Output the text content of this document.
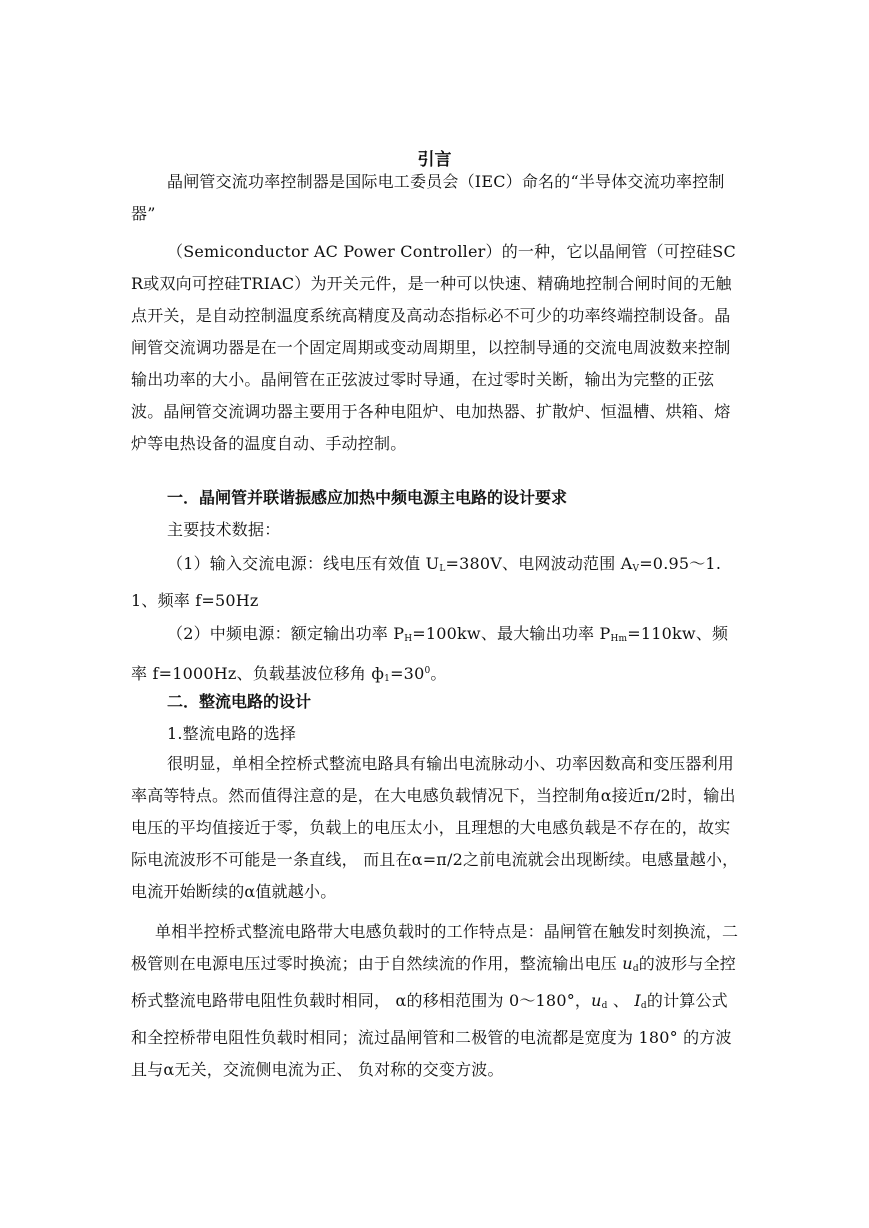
引言

晶闸管交流功率控制器是国际电工委员会（IEC）命名的“半导体交流功率控制器”

（Semiconductor AC Power Controller）的一种，它以晶闸管（可控硅SCR或双向可控硅TRIAC）为开关元件，是一种可以快速、精确地控制合闸时间的无触点开关，是自动控制温度系统高精度及高动态指标必不可少的功率终端控制设备。晶闸管交流调功器是在一个固定周期或变动周期里，以控制导通的交流电周波数来控制输出功率的大小。晶闸管在正弦波过零时导通，在过零时关断，输出为完整的正弦波。晶闸管交流调功器主要用于各种电阻炉、电加热器、扩散炉、恒温槽、烘箱、熔炉等电热设备的温度自动、手动控制。

一．晶闸管并联谐振感应加热中频电源主电路的设计要求

主要技术数据：

（1）输入交流电源：线电压有效值 $U_L=380V$、电网波动范围 $A_V=0.95\sim 1.1$、频率 f=50Hz

（2）中频电源：额定输出功率 $P_H=100kw$、最大输出功率 $P_{Hm}=110kw$、频率 f=1000Hz、负载基波位移角 $ф_1=30^0$。

二．整流电路的设计

1.整流电路的选择

很明显，单相全控桥式整流电路具有输出电流脉动小、功率因数高和变压器利用率高等特点。然而值得注意的是，在大电感负载情况下，当控制角α接近π/2时，输出电压的平均值接近于零，负载上的电压太小，且理想的大电感负载是不存在的，故实际电流波形不可能是一条直线， 而且在α=π/2之前电流就会出现断续。电感量越小，电流开始断续的α值就越小。

单相半控桥式整流电路带大电感负载时的工作特点是：晶闸管在触发时刻换流，二极管则在电源电压过零时换流；由于自然续流的作用，整流输出电压 $u_d$的波形与全控桥式整流电路带电阻性负载时相同， α的移相范围为 0～180°，$u_d$ 、 $I_d$的计算公式和全控桥带电阻性负载时相同；流过晶闸管和二极管的电流都是宽度为 180° 的方波且与α无关，交流侧电流为正、 负对称的交变方波。
